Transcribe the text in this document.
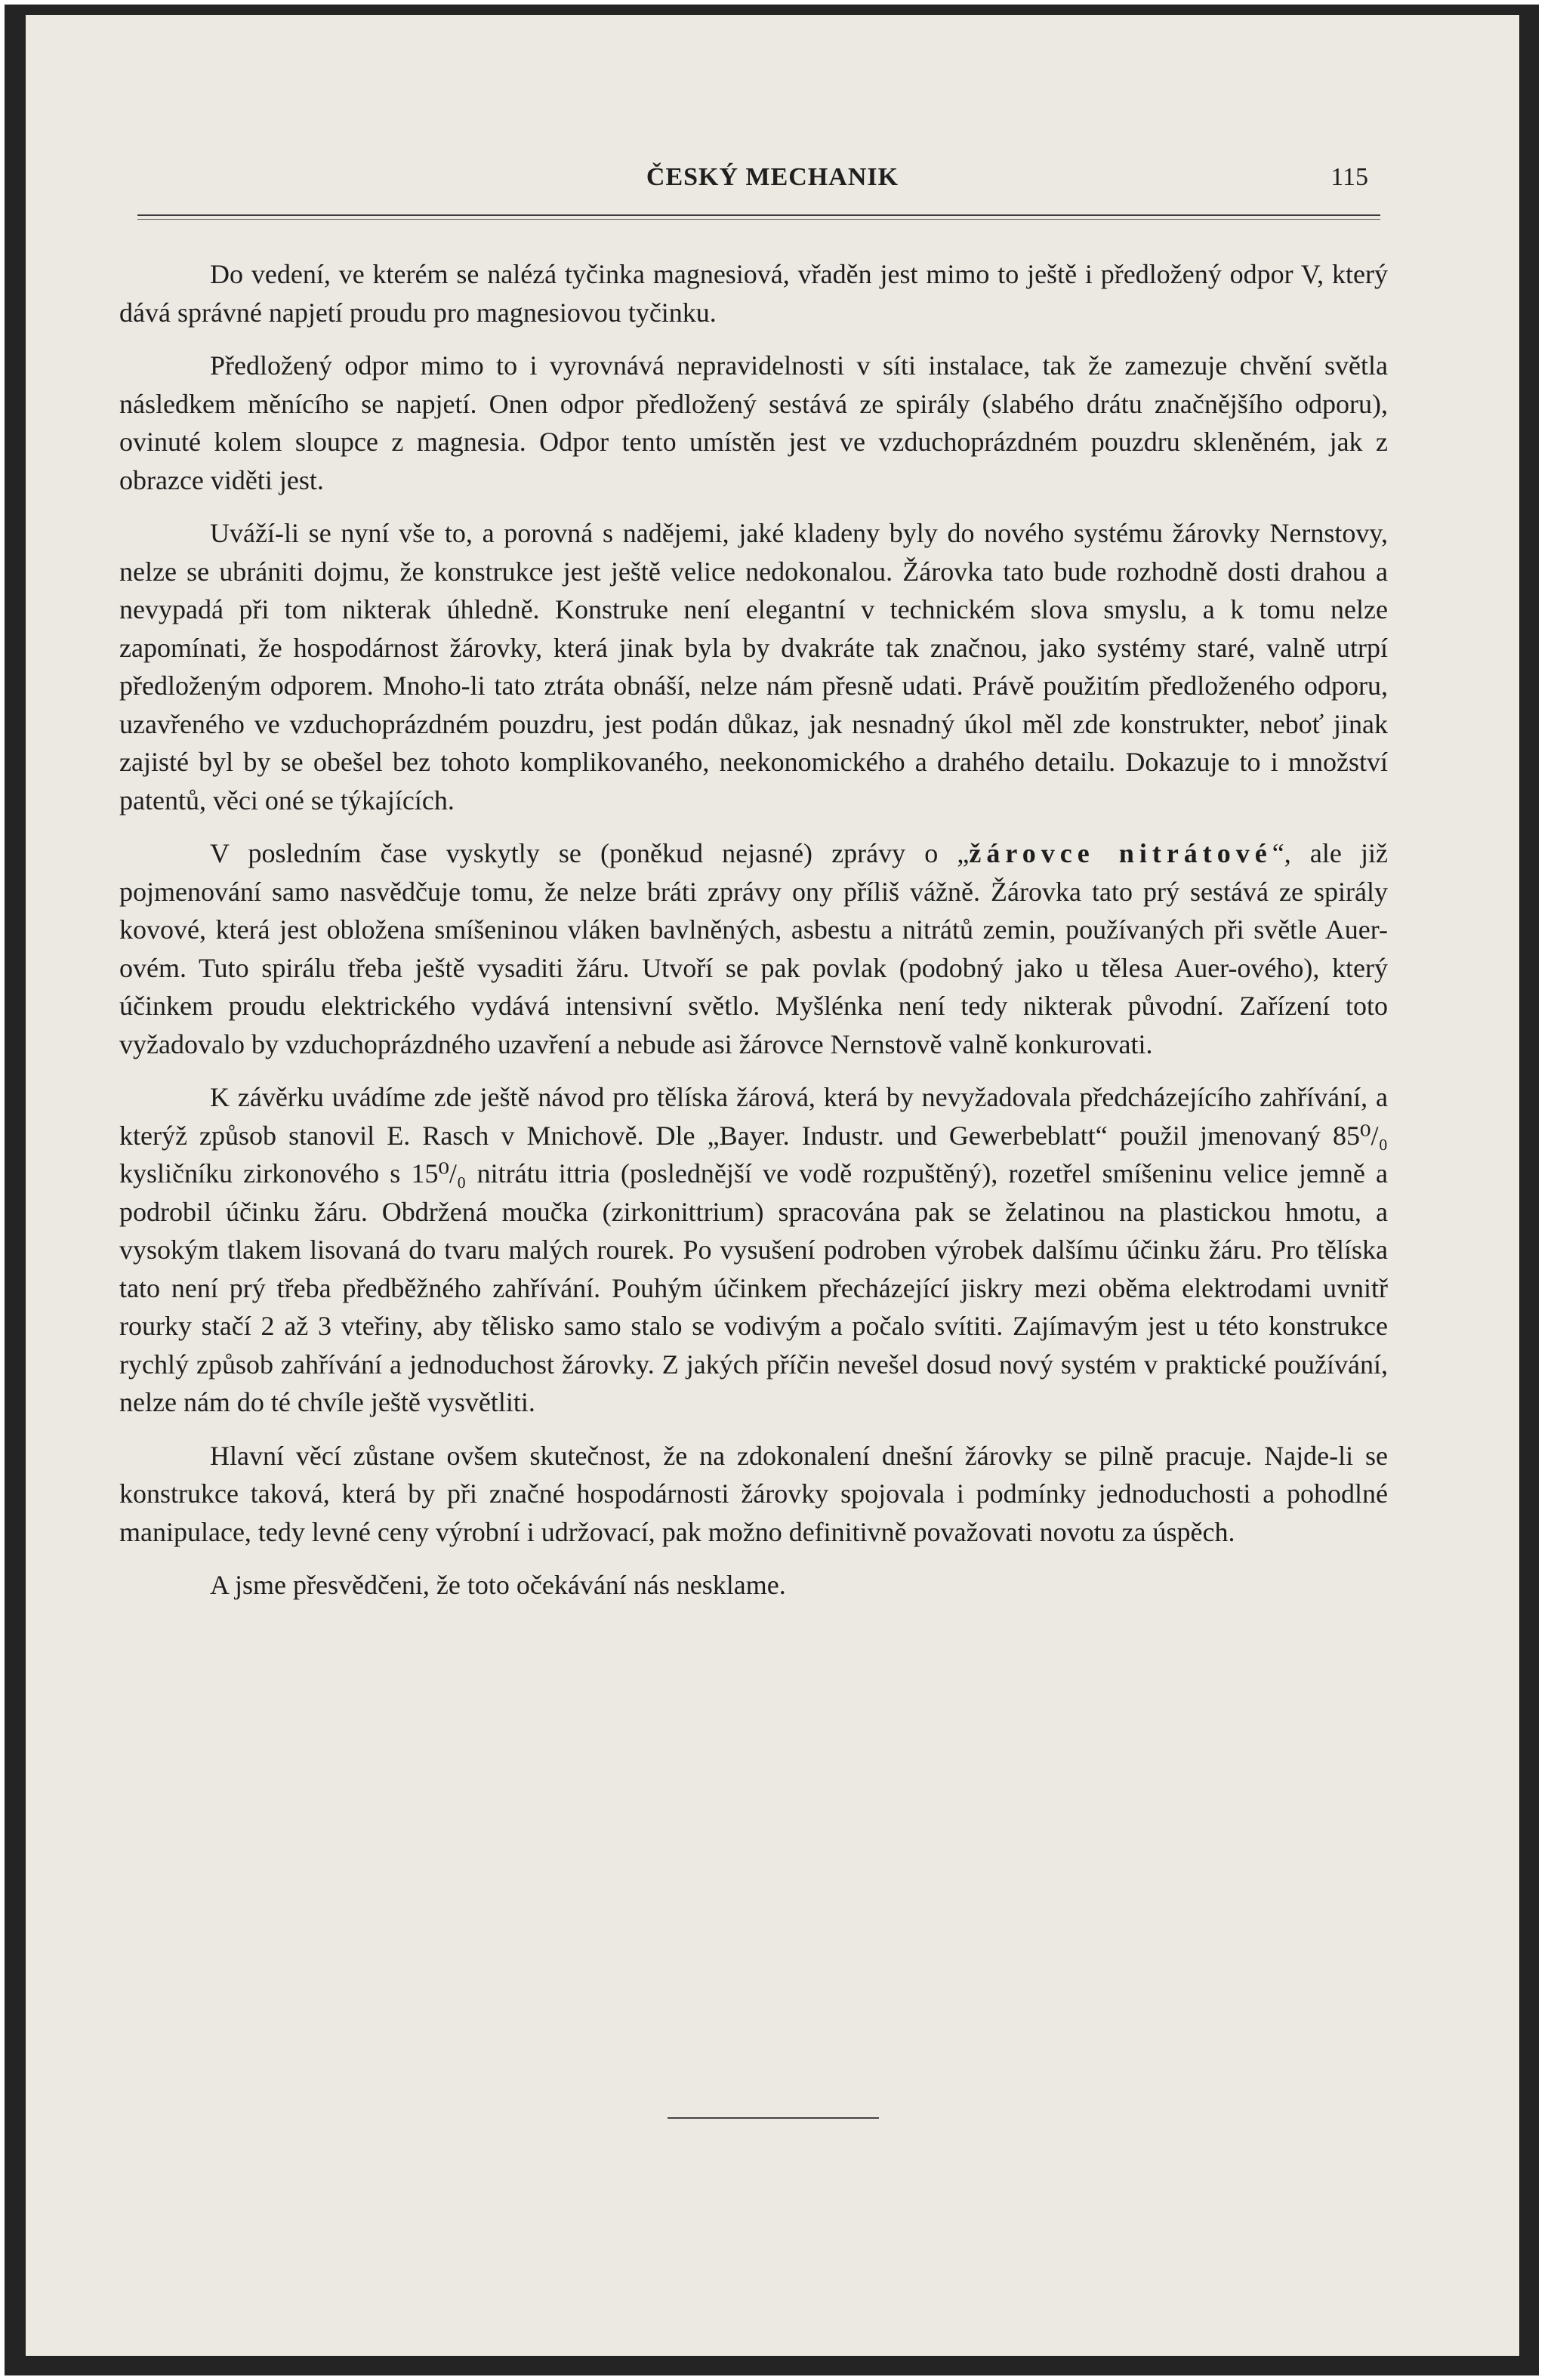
ČESKÝ MECHANIK	115

Do vedení, ve kterém se nalézá tyčinka magnesiová, vřaděn jest mimo to ještě i předložený odpor V, který dává správné napjetí proudu pro magnesiovou tyčinku.

Předložený odpor mimo to i vyrovnává nepravidelnosti v síti instalace, tak že zamezuje chvění světla následkem měnícího se napjetí. Onen odpor předložený sestává ze spirály (slabého drátu značnějšího odporu), ovinuté kolem sloupce z magnesia. Odpor tento umístěn jest ve vzduchoprázdném pouzdru skleněném, jak z obrazce viděti jest.

Uváží-li se nyní vše to, a porovná s nadějemi, jaké kladeny byly do nového systému žárovky Nernstovy, nelze se ubrániti dojmu, že konstrukce jest ještě velice nedokonalou. Žárovka tato bude rozhodně dosti drahou a nevypadá při tom nikterak úhledně. Konstruke není elegantní v technickém slova smyslu, a k tomu nelze zapomínati, že hospodárnost žárovky, která jinak byla by dvakráte tak značnou, jako systémy staré, valně utrpí předloženým odporem. Mnoho-li tato ztráta obnáší, nelze nám přesně udati. Právě použitím předloženého odporu, uzavřeného ve vzduchoprázdném pouzdru, jest podán důkaz, jak nesnadný úkol měl zde konstrukter, neboť jinak zajisté byl by se obešel bez tohoto komplikovaného, neekonomického a drahého detailu. Dokazuje to i množství patentů, věci oné se týkajících.

V posledním čase vyskytly se (poněkud nejasné) zprávy o „žárovce nitrátové“, ale již pojmenování samo nasvědčuje tomu, že nelze bráti zprávy ony příliš vážně. Žárovka tato prý sestává ze spirály kovové, která jest obložena smíšeninou vláken bavlněných, asbestu a nitrátů zemin, používaných při světle Auer-ovém. Tuto spirálu třeba ještě vysaditi žáru. Utvoří se pak povlak (podobný jako u tělesa Auer-ového), který účinkem proudu elektrického vydává intensivní světlo. Myšlénka není tedy nikterak původní. Zařízení toto vyžadovalo by vzduchoprázdného uzavření a nebude asi žárovce Nernstově valně konkurovati.

K závěrku uvádíme zde ještě návod pro tělíska žárová, která by nevyžadovala předcházejícího zahřívání, a kterýž způsob stanovil E. Rasch v Mnichově. Dle „Bayer. Industr. und Gewerbeblatt“ použil jmenovaný 85⁰/₀ kysličníku zirkonového s 15⁰/₀ nitrátu ittria (poslednější ve vodě rozpuštěný), rozetřel smíšeninu velice jemně a podrobil účinku žáru. Obdržená moučka (zirkonittrium) spracována pak se želatinou na plastickou hmotu, a vysokým tlakem lisovaná do tvaru malých rourek. Po vysušení podroben výrobek dalšímu účinku žáru. Pro tělíska tato není prý třeba předběžného zahřívání. Pouhým účinkem přecházející jiskry mezi oběma elektrodami uvnitř rourky stačí 2 až 3 vteřiny, aby tělisko samo stalo se vodivým a počalo svítiti. Zajímavým jest u této konstrukce rychlý způsob zahřívání a jednoduchost žárovky. Z jakých příčin nevešel dosud nový systém v praktické používání, nelze nám do té chvíle ještě vysvětliti.

Hlavní věcí zůstane ovšem skutečnost, že na zdokonalení dnešní žárovky se pilně pracuje. Najde-li se konstrukce taková, která by při značné hospodárnosti žárovky spojovala i podmínky jednoduchosti a pohodlné manipulace, tedy levné ceny výrobní i udržovací, pak možno definitivně považovati novotu za úspěch.

A jsme přesvědčeni, že toto očekávání nás nesklame.
